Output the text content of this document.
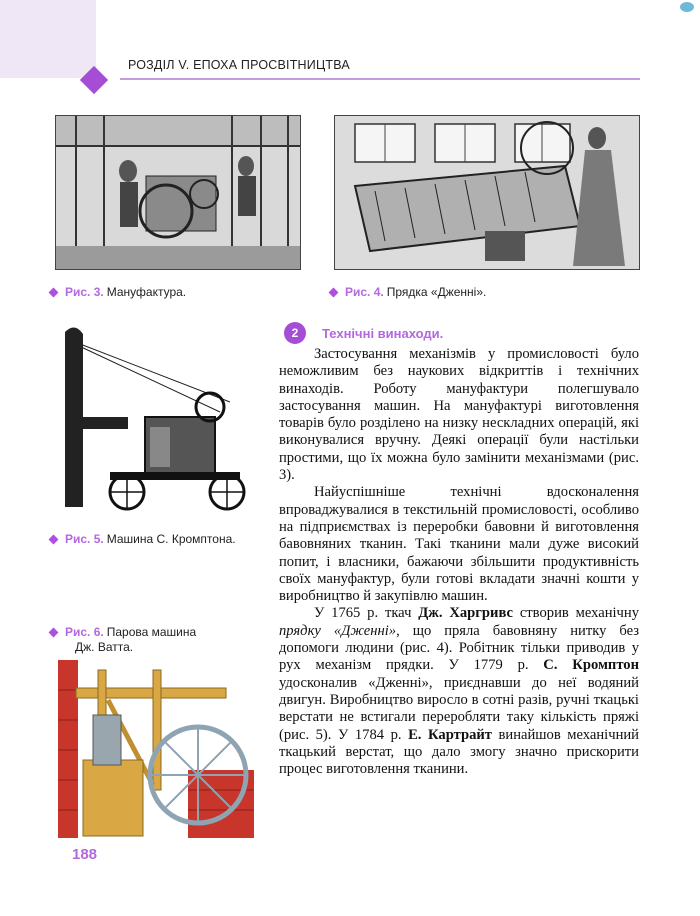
РОЗДІЛ V. ЕПОХА ПРОСВІТНИЦТВА
Рис. 3. Мануфактура.	Рис. 4. Прядка «Дженні».
Рис. 5. Машина С. Кромптона.
Рис. 6. Парова машина
Дж. Ватта.
2	Технічні винаходи.

Застосування механізмів у промисловості було неможливим без наукових відкриттів і технічних винаходів. Роботу мануфактури полегшувало застосування машин. На мануфактурі виготовлення товарів було розділено на низку нескладних операцій, які виконувалися вручну. Деякі операції були настільки простими, що їх можна було замінити механізмами (рис. 3).

Найуспішніше технічні вдосконалення впроваджувалися в текстильній промисловості, особливо на підприємствах із переробки бавовни й виготовлення бавовняних тканин. Такі тканини мали дуже високий попит, і власники, бажаючи збільшити продуктивність своїх мануфактур, були готові вкладати значні кошти у виробництво й закупівлю машин.

У 1765 р. ткач Дж. Харгривс створив механічну прядку «Дженні», що пряла бавовняну нитку без допомоги людини (рис. 4). Робітник тільки приводив у рух механізм прядки. У 1779 р. С. Кромптон удосконалив «Дженні», приєднавши до неї водяний двигун. Виробництво виросло в сотні разів, ручні ткацькі верстати не встигали переробляти таку кількість пряжі (рис. 5). У 1784 р. Е. Картрайт винайшов механічний ткацький верстат, що дало змогу значно прискорити процес виготовлення тканини.

188
